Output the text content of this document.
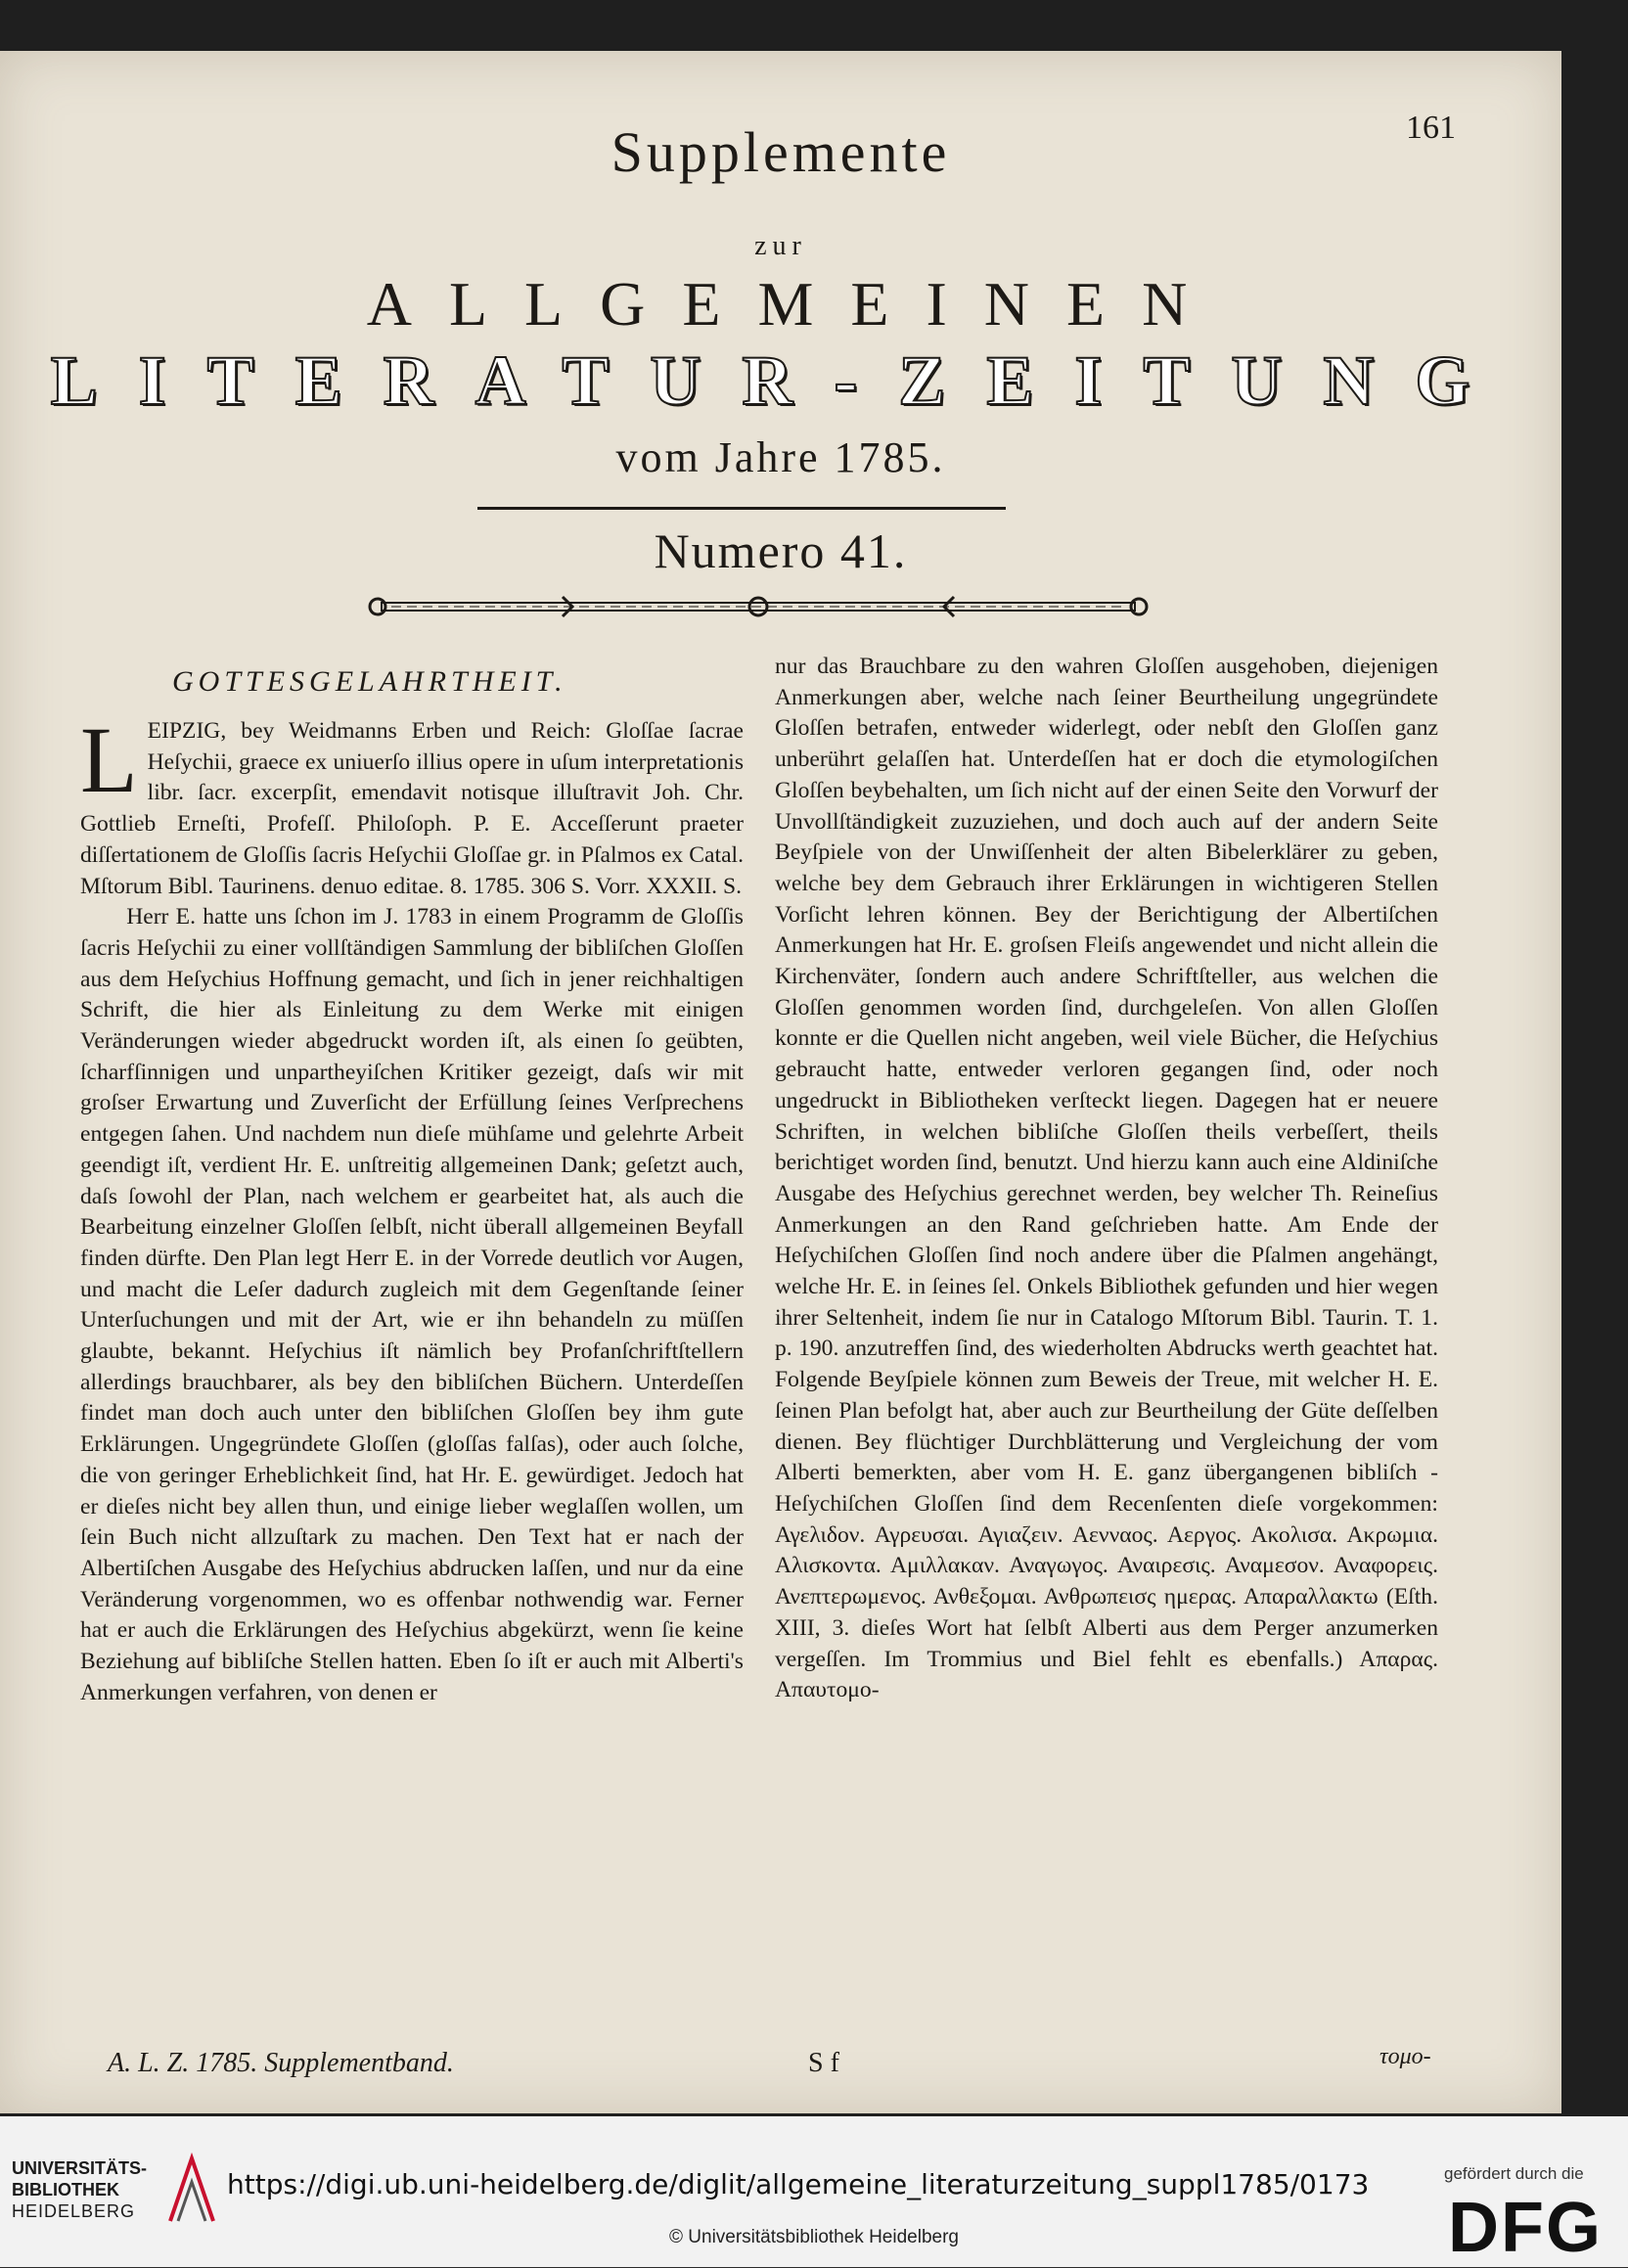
161
Supplemente
zur
ALLGEMEINEN
LITERATUR-ZEITUNG
vom Jahre 1785.
Numero 41.
GOTTESGELAHRTHEIT.

LEIPZIG, bey Weidmanns Erben und Reich: Gloſſae ſacrae Heſychii, graece ex uniuerſo illius opere in uſum interpretationis libr. ſacr. excerpſit, emendavit notisque illuſtravit Joh. Chr. Gottlieb Erneſti, Profeſſ. Philoſoph. P. E. Acceſſerunt praeter diſſertationem de Gloſſis ſacris Heſychii Gloſſae gr. in Pſalmos ex Catal. Mſtorum Bibl. Taurinens. denuo editae. 8. 1785. 306 S. Vorr. XXXII. S.

Herr E. hatte uns ſchon im J. 1783 in einem Programm de Gloſſis ſacris Heſychii zu einer vollſtändigen Sammlung der bibliſchen Gloſſen aus dem Heſychius Hoffnung gemacht, und ſich in jener reichhaltigen Schrift, die hier als Einleitung zu dem Werke mit einigen Veränderungen wieder abgedruckt worden iſt, als einen ſo geübten, ſcharfſinnigen und unpartheyiſchen Kritiker gezeigt, daſs wir mit groſser Erwartung und Zuverſicht der Erfüllung ſeines Verſprechens entgegen ſahen. Und nachdem nun dieſe mühſame und gelehrte Arbeit geendigt iſt, verdient Hr. E. unſtreitig allgemeinen Dank; geſetzt auch, daſs ſowohl der Plan, nach welchem er gearbeitet hat, als auch die Bearbeitung einzelner Gloſſen ſelbſt, nicht überall allgemeinen Beyfall finden dürfte. Den Plan legt Herr E. in der Vorrede deutlich vor Augen, und macht die Leſer dadurch zugleich mit dem Gegenſtande ſeiner Unterſuchungen und mit der Art, wie er ihn behandeln zu müſſen glaubte, bekannt. Heſychius iſt nämlich bey Profanſchriftſtellern allerdings brauchbarer, als bey den bibliſchen Büchern. Unterdeſſen findet man doch auch unter den bibliſchen Gloſſen bey ihm gute Erklärungen. Ungegründete Gloſſen (gloſſas falſas), oder auch ſolche, die von geringer Erheblichkeit ſind, hat Hr. E. gewürdiget. Jedoch hat er dieſes nicht bey allen thun, und einige lieber weglaſſen wollen, um ſein Buch nicht allzuſtark zu machen. Den Text hat er nach der Albertiſchen Ausgabe des Heſychius abdrucken laſſen, und nur da eine Veränderung vorgenommen, wo es offenbar nothwendig war. Ferner hat er auch die Erklärungen des Heſychius abgekürzt, wenn ſie keine Beziehung auf bibliſche Stellen hatten. Eben ſo iſt er auch mit Alberti's Anmerkungen verfahren, von denen er

nur das Brauchbare zu den wahren Gloſſen ausgehoben, diejenigen Anmerkungen aber, welche nach ſeiner Beurtheilung ungegründete Gloſſen betrafen, entweder widerlegt, oder nebſt den Gloſſen ganz unberührt gelaſſen hat. Unterdeſſen hat er doch die etymologiſchen Gloſſen beybehalten, um ſich nicht auf der einen Seite den Vorwurf der Unvollſtändigkeit zuzuziehen, und doch auch auf der andern Seite Beyſpiele von der Unwiſſenheit der alten Bibelerklärer zu geben, welche bey dem Gebrauch ihrer Erklärungen in wichtigeren Stellen Vorſicht lehren können. Bey der Berichtigung der Albertiſchen Anmerkungen hat Hr. E. groſsen Fleiſs angewendet und nicht allein die Kirchenväter, ſondern auch andere Schriftſteller, aus welchen die Gloſſen genommen worden ſind, durchgeleſen. Von allen Gloſſen konnte er die Quellen nicht angeben, weil viele Bücher, die Heſychius gebraucht hatte, entweder verloren gegangen ſind, oder noch ungedruckt in Bibliotheken verſteckt liegen. Dagegen hat er neuere Schriften, in welchen bibliſche Gloſſen theils verbeſſert, theils berichtiget worden ſind, benutzt. Und hierzu kann auch eine Aldiniſche Ausgabe des Heſychius gerechnet werden, bey welcher Th. Reineſius Anmerkungen an den Rand geſchrieben hatte. Am Ende der Heſychiſchen Gloſſen ſind noch andere über die Pſalmen angehängt, welche Hr. E. in ſeines ſel. Onkels Bibliothek gefunden und hier wegen ihrer Seltenheit, indem ſie nur in Catalogo Mſtorum Bibl. Taurin. T. 1. p. 190. anzutreffen ſind, des wiederholten Abdrucks werth geachtet hat. Folgende Beyſpiele können zum Beweis der Treue, mit welcher H. E. ſeinen Plan befolgt hat, aber auch zur Beurtheilung der Güte deſſelben dienen. Bey flüchtiger Durchblätterung und Vergleichung der vom Alberti bemerkten, aber vom H. E. ganz übergangenen bibliſch - Heſychiſchen Gloſſen ſind dem Recenſenten dieſe vorgekommen: Αγελιδον. Αγρευσαι. Αγιαζειν. Αενναος. Αεργος. Ακολισα. Ακρωμια. Αλισκοντα. Αμιλλακαν. Αναγωγος. Αναιρεσις. Αναμεσον. Αναφορεις. Ανεπτερωμενος. Ανθεξομαι. Ανθρωπεισς ημερας. Απαραλλακτω (Eſth. XIII, 3. dieſes Wort hat ſelbſt Alberti aus dem Perger anzumerken vergeſſen. Im Trommius und Biel fehlt es ebenfalls.) Απαρας. Απαυτομο-

A. L. Z. 1785. Supplementband.	S f	τομο-
UNIVERSITÄTS-
BIBLIOTHEK
HEIDELBERG
https://digi.ub.uni-heidelberg.de/diglit/allgemeine_literaturzeitung_suppl1785/0173
© Universitätsbibliothek Heidelberg
gefördert durch die
DFG
